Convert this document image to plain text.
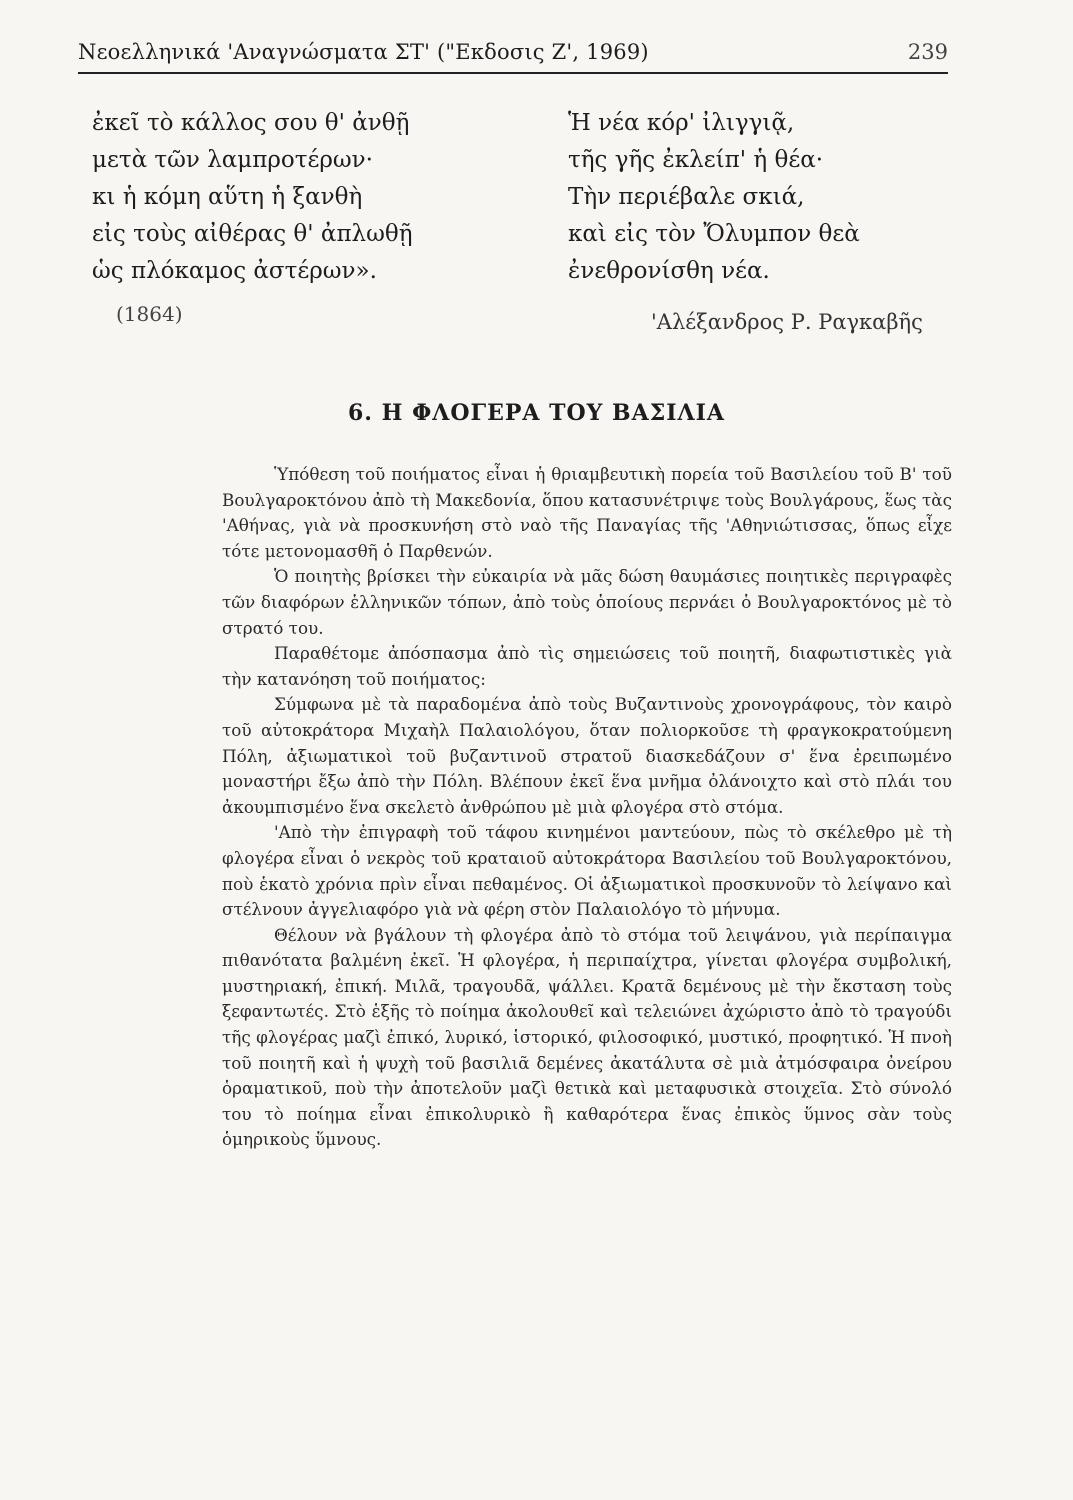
Νεοελληνικά 'Αναγνώσματα ΣΤ' ("Εκδοσις Ζ', 1969)	239
ἐκεῖ τὸ κάλλος σου θ' ἀνθῇ
μετὰ τῶν λαμπροτέρων·
κι ἡ κόμη αὕτη ἡ ξανθὴ
εἰς τοὺς αἰθέρας θ' ἀπλωθῇ
ὡς πλόκαμος ἀστέρων».
Ἡ νέα κόρ' ἰλιγγιᾷ,
τῆς γῆς ἐκλείπ' ἡ θέα·
Τὴν περιέβαλε σκιά,
καὶ εἰς τὸν Ὄλυμπον θεὰ
ἐνεθρονίσθη νέα.
(1864)	'Αλέξανδρος Ρ. Ραγκαβῆς
6. Η ΦΛΟΓΕΡΑ ΤΟΥ ΒΑΣΙΛΙΑ

Ὑπόθεση τοῦ ποιήματος εἶναι ἡ θριαμβευτικὴ πορεία τοῦ Βασιλείου τοῦ Β' τοῦ Βουλγαροκτόνου ἀπὸ τὴ Μακεδονία, ὅπου κατασυνέτριψε τοὺς Βουλγάρους, ἕως τὰς 'Αθήνας, γιὰ νὰ προσκυνήση στὸ ναὸ τῆς Παναγίας τῆς 'Αθηνιώτισσας, ὅπως εἶχε τότε μετονομασθῆ ὁ Παρθενών.

Ὁ ποιητὴς βρίσκει τὴν εὐκαιρία νὰ μᾶς δώση θαυμάσιες ποιητικὲς περιγραφὲς τῶν διαφόρων ἑλληνικῶν τόπων, ἀπὸ τοὺς ὁποίους περνάει ὁ Βουλγαροκτόνος μὲ τὸ στρατό του.

Παραθέτομε ἀπόσπασμα ἀπὸ τὶς σημειώσεις τοῦ ποιητῆ, διαφωτιστικὲς γιὰ τὴν κατανόηση τοῦ ποιήματος:

Σύμφωνα μὲ τὰ παραδομένα ἀπὸ τοὺς Βυζαντινοὺς χρονογράφους, τὸν καιρὸ τοῦ αὐτοκράτορα Μιχαὴλ Παλαιολόγου, ὅταν πολιορκοῦσε τὴ φραγκοκρατούμενη Πόλη, ἀξιωματικοὶ τοῦ βυζαντινοῦ στρατοῦ διασκεδάζουν σ' ἕνα ἐρειπωμένο μοναστήρι ἔξω ἀπὸ τὴν Πόλη. Βλέπουν ἐκεῖ ἕνα μνῆμα ὀλάνοιχτο καὶ στὸ πλάι του ἀκουμπισμένο ἕνα σκελετὸ ἀνθρώπου μὲ μιὰ φλογέρα στὸ στόμα.

'Απὸ τὴν ἐπιγραφὴ τοῦ τάφου κινημένοι μαντεύουν, πὼς τὸ σκέλεθρο μὲ τὴ φλογέρα εἶναι ὁ νεκρὸς τοῦ κραταιοῦ αὐτοκράτορα Βασιλείου τοῦ Βουλγαροκτόνου, ποὺ ἑκατὸ χρόνια πρὶν εἶναι πεθαμένος. Οἱ ἀξιωματικοὶ προσκυνοῦν τὸ λείψανο καὶ στέλνουν ἀγγελιαφόρο γιὰ νὰ φέρη στὸν Παλαιολόγο τὸ μήνυμα.

Θέλουν νὰ βγάλουν τὴ φλογέρα ἀπὸ τὸ στόμα τοῦ λειψάνου, γιὰ περίπαιγμα πιθανότατα βαλμένη ἐκεῖ. Ἡ φλογέρα, ἡ περιπαίχτρα, γίνεται φλογέρα συμβολική, μυστηριακή, ἐπική. Μιλᾶ, τραγουδᾶ, ψάλλει. Κρατᾶ δεμένους μὲ τὴν ἔκσταση τοὺς ξεφαντωτές. Στὸ ἑξῆς τὸ ποίημα ἀκολουθεῖ καὶ τελειώνει ἀχώριστο ἀπὸ τὸ τραγούδι τῆς φλογέρας μαζὶ ἐπικό, λυρικό, ἱστορικό, φιλοσοφικό, μυστικό, προφητικό. Ἡ πνοὴ τοῦ ποιητῆ καὶ ἡ ψυχὴ τοῦ βασιλιᾶ δεμένες ἀκατάλυτα σὲ μιὰ ἀτμόσφαιρα ὀνείρου ὁραματικοῦ, ποὺ τὴν ἀποτελοῦν μαζὶ θετικὰ καὶ μεταφυσικὰ στοιχεῖα. Στὸ σύνολό του τὸ ποίημα εἶναι ἐπικολυρικὸ ἢ καθαρότερα ἕνας ἐπικὸς ὕμνος σὰν τοὺς ὁμηρικοὺς ὕμνους.
